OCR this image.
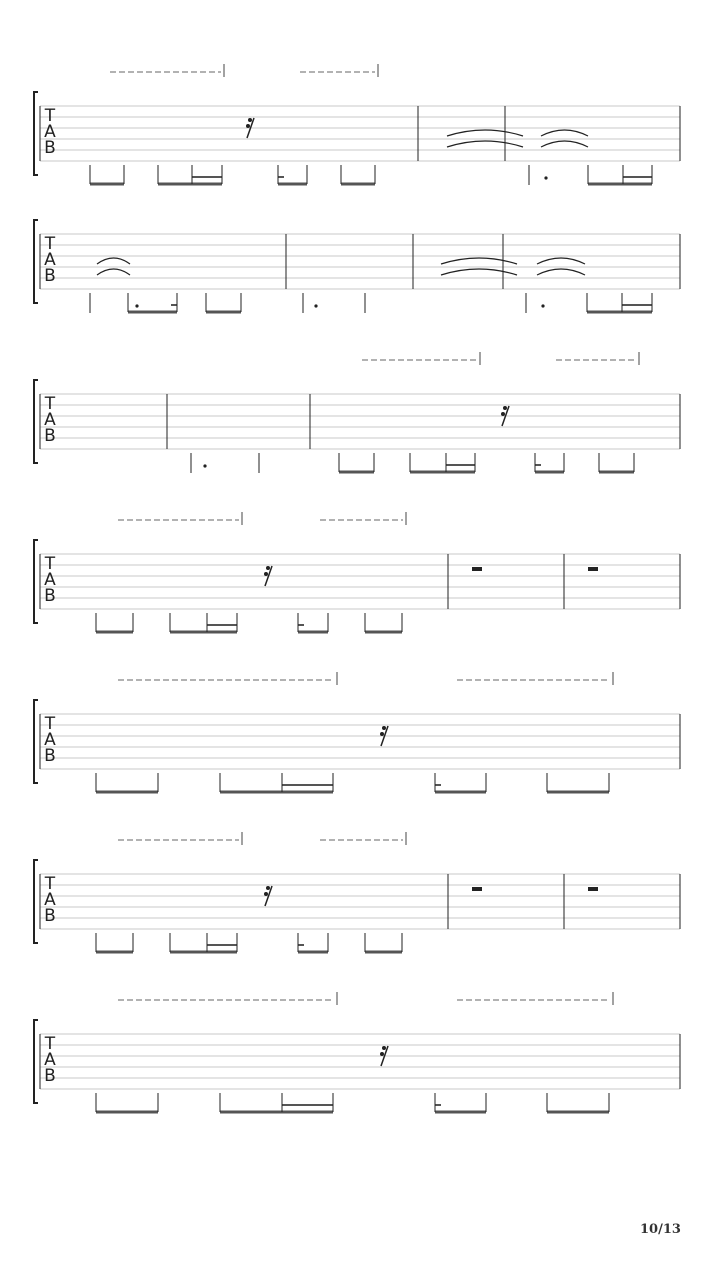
T
A
B
T
A
B
T
A
B
T
A
B
T
A
B
T
A
B
T
A
B
10/13
